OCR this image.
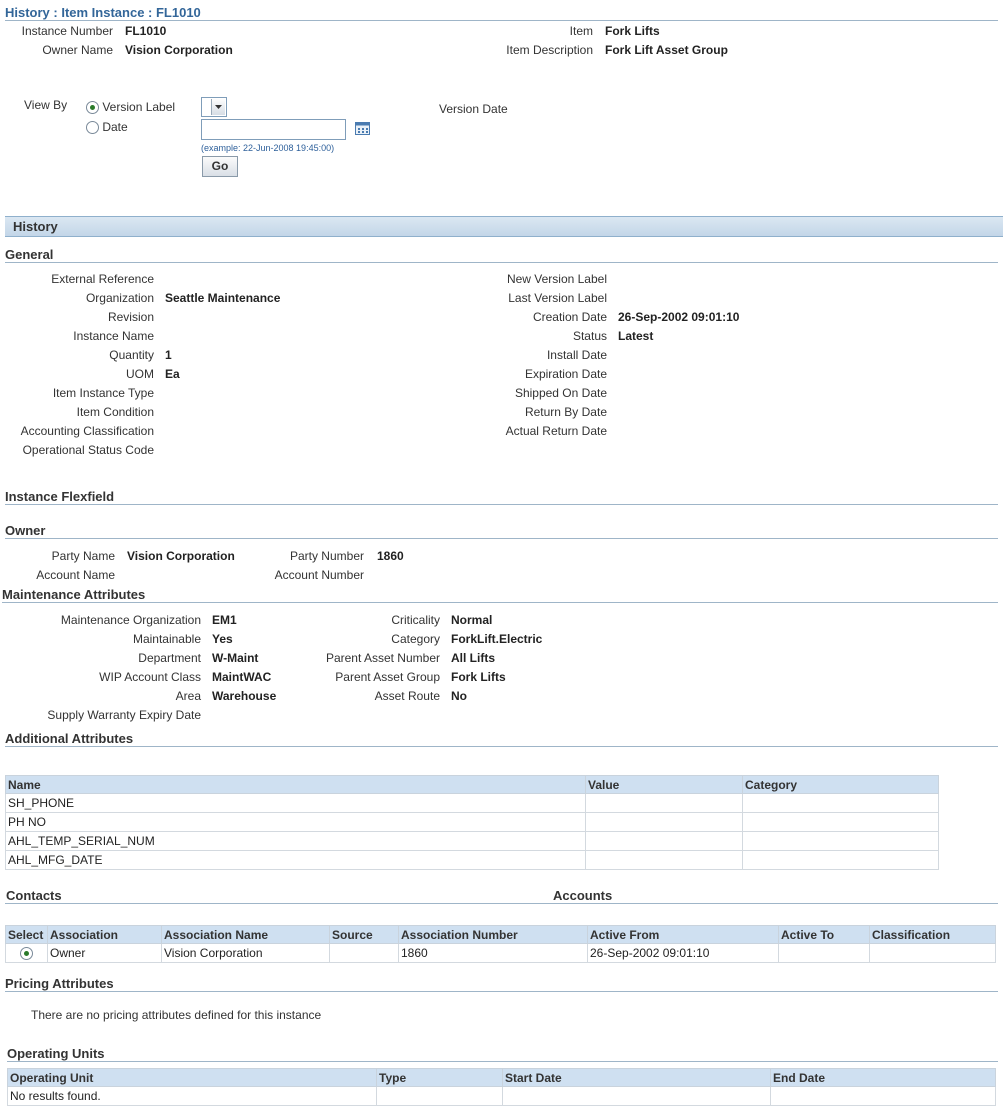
History : Item Instance : FL1010
Instance Number FL1010
Owner Name Vision Corporation
Item Fork Lifts
Item Description Fork Lift Asset Group
View By	Version Label
Date
(example: 22-Jun-2008 19:45:00)
Go
Version Date
History
General
External Reference
Organization Seattle Maintenance
Revision
Instance Name
Quantity 1
UOM Ea
Item Instance Type
Item Condition
Accounting Classification
Operational Status Code
New Version Label
Last Version Label
Creation Date 26-Sep-2002 09:01:10
Status Latest
Install Date
Expiration Date
Shipped On Date
Return By Date
Actual Return Date
Instance Flexfield
Owner
Party Name Vision Corporation
Account Name
Party Number 1860
Account Number
Maintenance Attributes
Maintenance Organization EM1
Maintainable Yes
Department W-Maint
WIP Account Class MaintWAC
Area Warehouse
Supply Warranty Expiry Date
Criticality Normal
Category ForkLift.Electric
Parent Asset Number All Lifts
Parent Asset Group Fork Lifts
Asset Route No
Additional Attributes
Name	Value	Category
SH_PHONE		
PH NO		
AHL_TEMP_SERIAL_NUM		
AHL_MFG_DATE		
Contacts	Accounts
Select	Association	Association Name	Source	Association Number	Active From	Active To	Classification
	Owner	Vision Corporation		1860	26-Sep-2002 09:01:10		
Pricing Attributes
There are no pricing attributes defined for this instance
Operating Units
Operating Unit	Type	Start Date	End Date
No results found.			
